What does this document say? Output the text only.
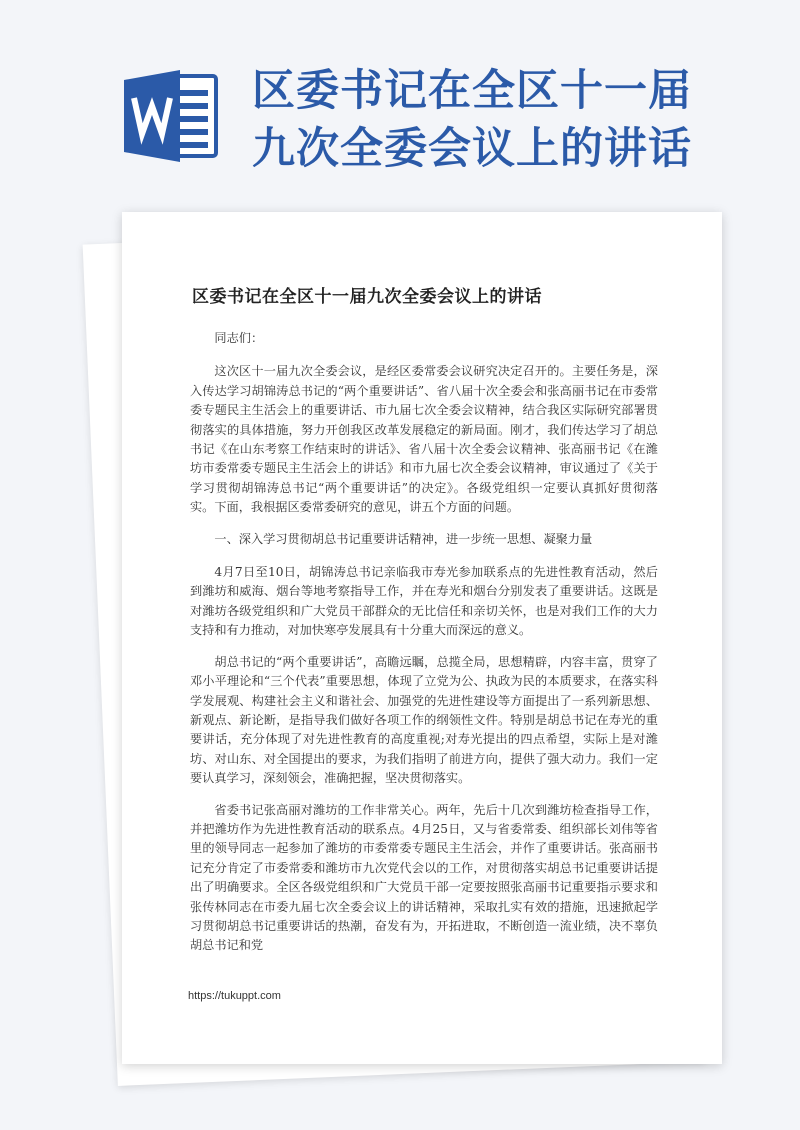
区委书记在全区十一届
九次全委会议上的讲话
区委书记在全区十一届九次全委会议上的讲话

同志们：

这次区十一届九次全委会议，是经区委常委会议研究决定召开的。主要任务是，深入传达学习胡锦涛总书记的“两个重要讲话”、省八届十次全委会和张高丽书记在市委常委专题民主生活会上的重要讲话、市九届七次全委会议精神，结合我区实际研究部署贯彻落实的具体措施，努力开创我区改革发展稳定的新局面。刚才，我们传达学习了胡总书记《在山东考察工作结束时的讲话》、省八届十次全委会议精神、张高丽书记《在潍坊市委常委专题民主生活会上的讲话》和市九届七次全委会议精神，审议通过了《关于学习贯彻胡锦涛总书记“两个重要讲话”的决定》。各级党组织一定要认真抓好贯彻落实。下面，我根据区委常委研究的意见，讲五个方面的问题。

一、深入学习贯彻胡总书记重要讲话精神，进一步统一思想、凝聚力量

4月7日至10日，胡锦涛总书记亲临我市寿光参加联系点的先进性教育活动，然后到潍坊和威海、烟台等地考察指导工作，并在寿光和烟台分别发表了重要讲话。这既是对潍坊各级党组织和广大党员干部群众的无比信任和亲切关怀，也是对我们工作的大力支持和有力推动，对加快寒亭发展具有十分重大而深远的意义。

胡总书记的“两个重要讲话”，高瞻远瞩，总揽全局，思想精辟，内容丰富，贯穿了邓小平理论和“三个代表”重要思想，体现了立党为公、执政为民的本质要求，在落实科学发展观、构建社会主义和谐社会、加强党的先进性建设等方面提出了一系列新思想、新观点、新论断，是指导我们做好各项工作的纲领性文件。特别是胡总书记在寿光的重要讲话，充分体现了对先进性教育的高度重视;对寿光提出的四点希望，实际上是对潍坊、对山东、对全国提出的要求，为我们指明了前进方向，提供了强大动力。我们一定要认真学习，深刻领会，准确把握，坚决贯彻落实。

省委书记张高丽对潍坊的工作非常关心。两年，先后十几次到潍坊检查指导工作，并把潍坊作为先进性教育活动的联系点。4月25日，又与省委常委、组织部长刘伟等省里的领导同志一起参加了潍坊的市委常委专题民主生活会，并作了重要讲话。张高丽书记充分肯定了市委常委和潍坊市九次党代会以的工作，对贯彻落实胡总书记重要讲话提出了明确要求。全区各级党组织和广大党员干部一定要按照张高丽书记重要指示要求和张传林同志在市委九届七次全委会议上的讲话精神，采取扎实有效的措施，迅速掀起学习贯彻胡总书记重要讲话的热潮，奋发有为，开拓进取，不断创造一流业绩，决不辜负胡总书记和党

https://tukuppt.com
